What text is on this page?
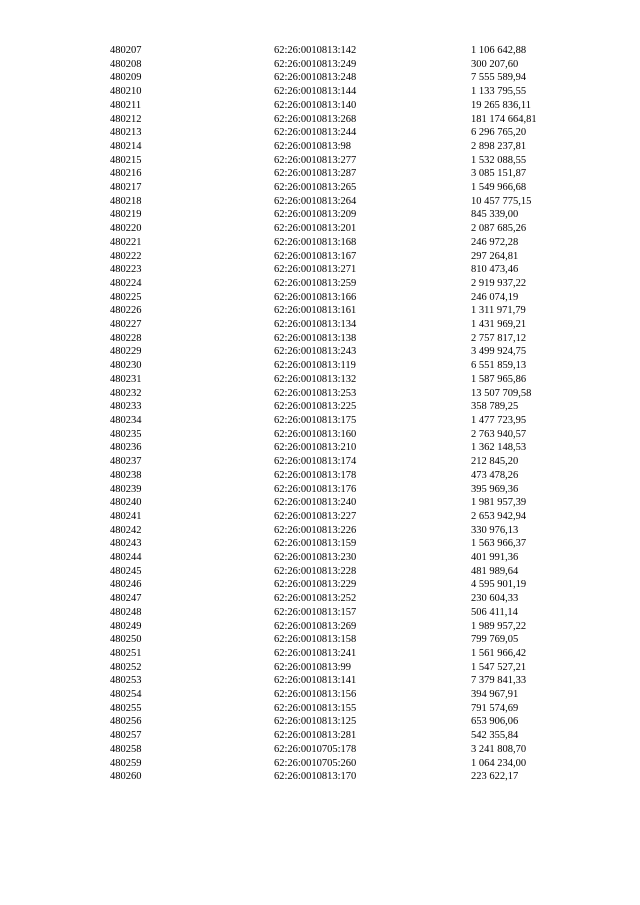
480207	62:26:0010813:142	1 106 642,88
480208	62:26:0010813:249	300 207,60
480209	62:26:0010813:248	7 555 589,94
480210	62:26:0010813:144	1 133 795,55
480211	62:26:0010813:140	19 265 836,11
480212	62:26:0010813:268	181 174 664,81
480213	62:26:0010813:244	6 296 765,20
480214	62:26:0010813:98	2 898 237,81
480215	62:26:0010813:277	1 532 088,55
480216	62:26:0010813:287	3 085 151,87
480217	62:26:0010813:265	1 549 966,68
480218	62:26:0010813:264	10 457 775,15
480219	62:26:0010813:209	845 339,00
480220	62:26:0010813:201	2 087 685,26
480221	62:26:0010813:168	246 972,28
480222	62:26:0010813:167	297 264,81
480223	62:26:0010813:271	810 473,46
480224	62:26:0010813:259	2 919 937,22
480225	62:26:0010813:166	246 074,19
480226	62:26:0010813:161	1 311 971,79
480227	62:26:0010813:134	1 431 969,21
480228	62:26:0010813:138	2 757 817,12
480229	62:26:0010813:243	3 499 924,75
480230	62:26:0010813:119	6 551 859,13
480231	62:26:0010813:132	1 587 965,86
480232	62:26:0010813:253	13 507 709,58
480233	62:26:0010813:225	358 789,25
480234	62:26:0010813:175	1 477 723,95
480235	62:26:0010813:160	2 763 940,57
480236	62:26:0010813:210	1 362 148,53
480237	62:26:0010813:174	212 845,20
480238	62:26:0010813:178	473 478,26
480239	62:26:0010813:176	395 969,36
480240	62:26:0010813:240	1 981 957,39
480241	62:26:0010813:227	2 653 942,94
480242	62:26:0010813:226	330 976,13
480243	62:26:0010813:159	1 563 966,37
480244	62:26:0010813:230	401 991,36
480245	62:26:0010813:228	481 989,64
480246	62:26:0010813:229	4 595 901,19
480247	62:26:0010813:252	230 604,33
480248	62:26:0010813:157	506 411,14
480249	62:26:0010813:269	1 989 957,22
480250	62:26:0010813:158	799 769,05
480251	62:26:0010813:241	1 561 966,42
480252	62:26:0010813:99	1 547 527,21
480253	62:26:0010813:141	7 379 841,33
480254	62:26:0010813:156	394 967,91
480255	62:26:0010813:155	791 574,69
480256	62:26:0010813:125	653 906,06
480257	62:26:0010813:281	542 355,84
480258	62:26:0010705:178	3 241 808,70
480259	62:26:0010705:260	1 064 234,00
480260	62:26:0010813:170	223 622,17
